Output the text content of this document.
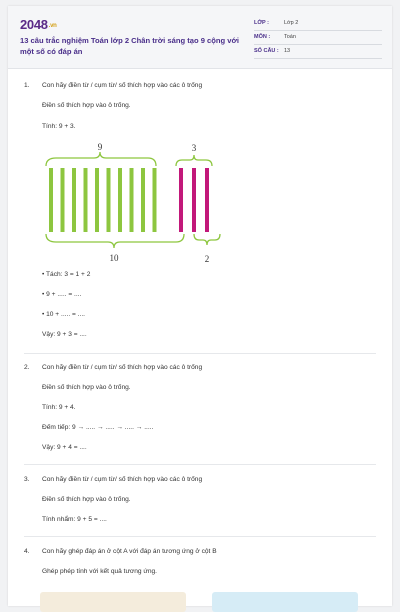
2048.vn
13 câu trắc nghiệm Toán lớp 2 Chân trời sáng tạo 9 cộng với một số có đáp án
LỚP :	Lớp 2
MÔN :	Toán
SỐ CÂU : 13
1. Con hãy điền từ / cụm từ/ số thích hợp vào các ô trống
Điền số thích hợp vào ô trống.
Tính: 9 + 3.
9	3
10	2
• Tách: 3 = 1 + 2
• 9 + ..... = ....
• 10 + ..... = ....
Vậy: 9 + 3 = ....
2. Con hãy điền từ / cụm từ/ số thích hợp vào các ô trống
Điền số thích hợp vào ô trống.
Tính: 9 + 4.
Đếm tiếp: 9 → ..... → ..... → ..... → .....
Vậy: 9 + 4 = ....
3. Con hãy điền từ / cụm từ/ số thích hợp vào các ô trống
Điền số thích hợp vào ô trống.
Tính nhẩm: 9 + 5 = ....
4. Con hãy ghép đáp án ở cột A với đáp án tương ứng ở cột B
Ghép phép tính với kết quả tương ứng.
